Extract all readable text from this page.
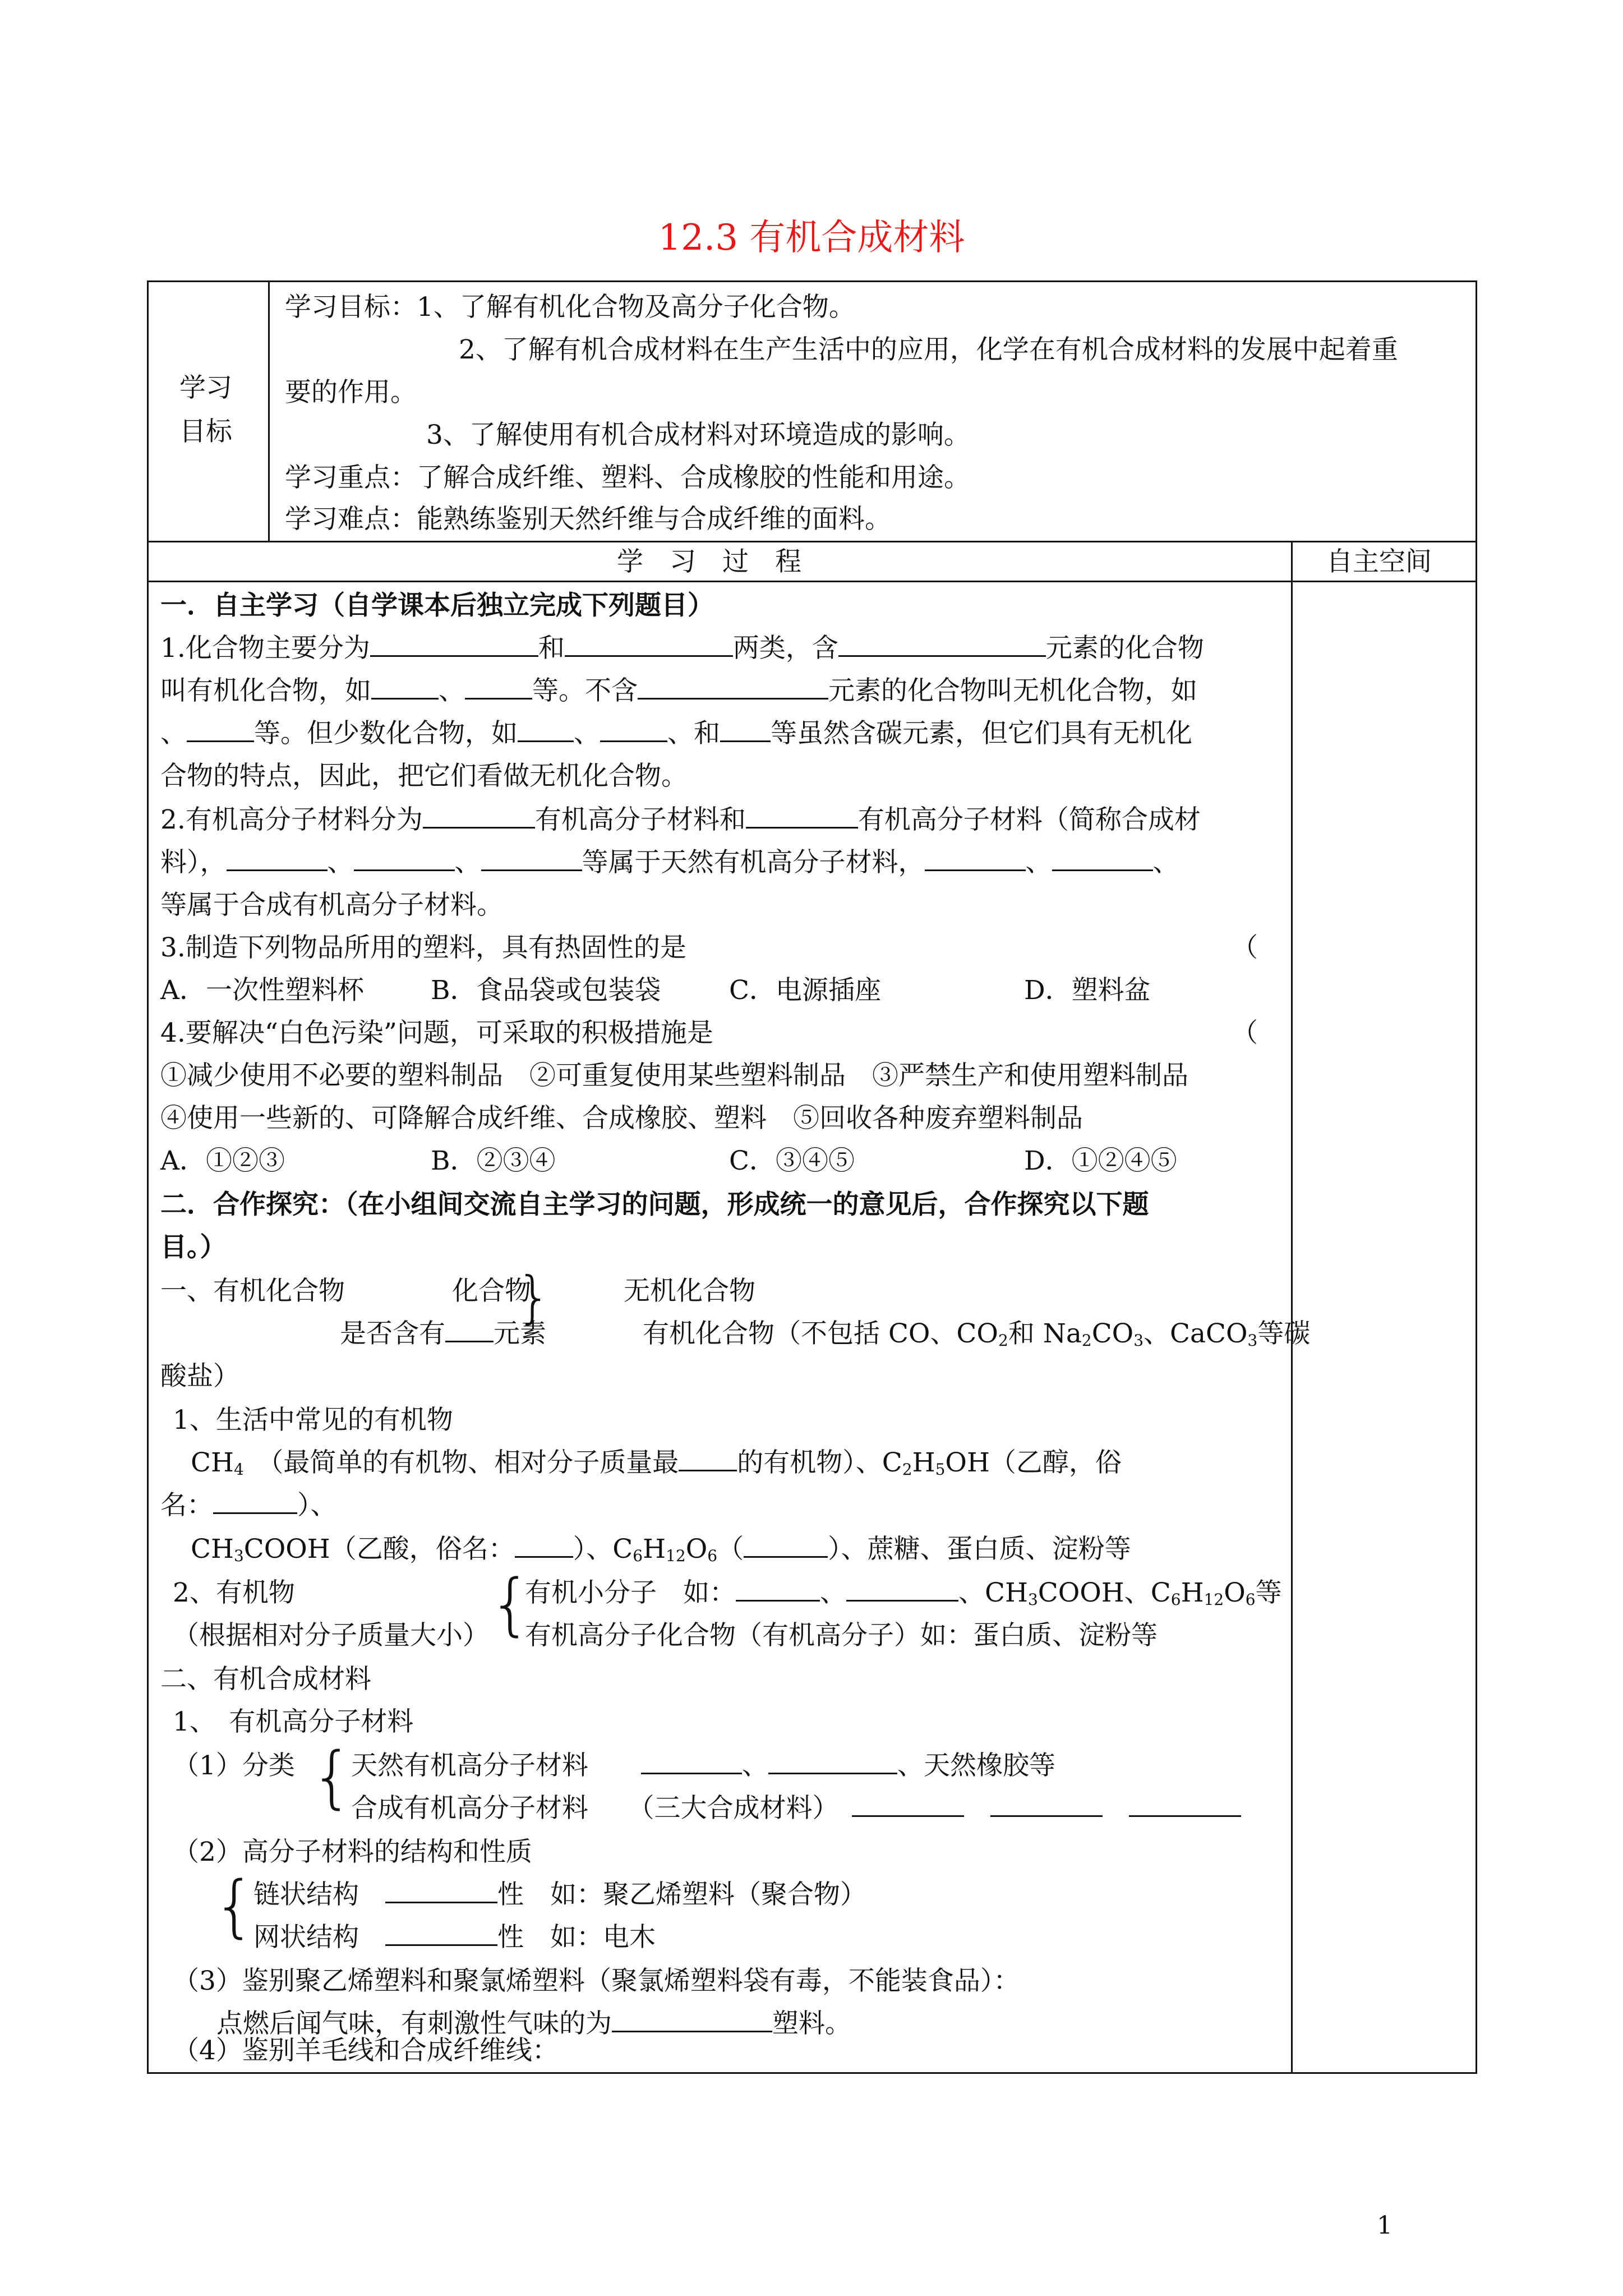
12.3 有机合成材料
学习
目标
学习目标：1、了解有机化合物及高分子化合物。
2、了解有机合成材料在生产生活中的应用，化学在有机合成材料的发展中起着重
要的作用。
3、了解使用有机合成材料对环境造成的影响。
学习重点：了解合成纤维、塑料、合成橡胶的性能和用途。
学习难点：能熟练鉴别天然纤维与合成纤维的面料。
学　习　过　程	自主空间
一．自主学习（自学课本后独立完成下列题目）
1.化合物主要分为	和	两类，含	元素的化合物
叫有机化合物，如	、	等。不含	元素的化合物叫无机化合物，如
、	等。但少数化合物，如 、	、和 等虽然含碳元素，但它们具有无机化
合物的特点，因此，把它们看做无机化合物。
2.有机高分子材料分为	有机高分子材料和	有机高分子材料（简称合成材
料），	、	、	等属于天然有机高分子材料，	、	、
等属于合成有机高分子材料。
3.制造下列物品所用的塑料，具有热固性的是	（
A．一次性塑料杯	B．食品袋或包装袋	C．电源插座	D．塑料盆
4.要解决“白色污染”问题，可采取的积极措施是	（
①减少使用不必要的塑料制品　②可重复使用某些塑料制品　③严禁生产和使用塑料制品
④使用一些新的、可降解合成纤维、合成橡胶、塑料　⑤回收各种废弃塑料制品
A．①②③	B．②③④	C．③④⑤	D．①②④⑤
二．合作探究：（在小组间交流自主学习的问题，形成统一的意见后，合作探究以下题
目。）
一、有机化合物	化合物	无机化合物
}
是否含有 元素	有机化合物（不包括 CO、$CO_2$和 $Na_2CO_3$、CaCO$_3$等碳
酸盐）
1、生活中常见的有机物
$CH_4$　 （最简单的有机物、相对分子质量最 的有机物）、$C_2H_5OH$（乙醇，俗
名：	）、
$CH_3COOH$（乙酸，俗名： ）、$C_6H_{12}O_6$（	）、蔗糖、蛋白质、淀粉等
2、有机物	{
有机小分子　如：	、	、$CH_3COOH$、$C_6H_{12}O_6$等
（根据相对分子质量大小） 有机高分子化合物（有机高分子）如：蛋白质、淀粉等
二、有机合成材料
1、　有机高分子材料
（1）分类 {
天然有机高分子材料　　	、	、天然橡胶等
合成有机高分子材料　　 （三大合成材料）　　　
（2）高分子材料的结构和性质
{
链状结构　	性　如：聚乙烯塑料（聚合物）
网状结构　	性　如：电木
（3）鉴别聚乙烯塑料和聚氯烯塑料（聚氯烯塑料袋有毒，不能装食品）：
点燃后闻气味，有刺激性气味的为	塑料。
（4）鉴别羊毛线和合成纤维线：
1
